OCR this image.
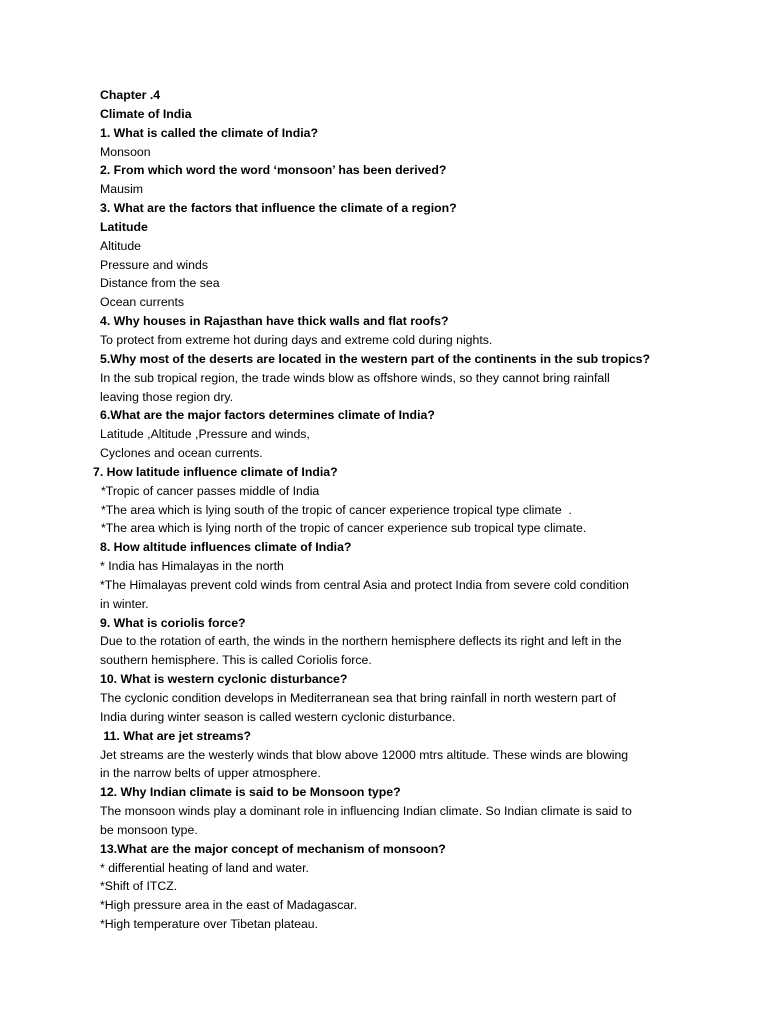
Chapter .4
Climate of India
1. What is called the climate of India?
Monsoon
2. From which word the word ‘monsoon’ has been derived?
Mausim
3. What are the factors that influence the climate of a region?
Latitude
Altitude
Pressure and winds
Distance from the sea
Ocean currents
4. Why houses in Rajasthan have thick walls and flat roofs?
To protect from extreme hot during days and extreme cold during nights.
5.Why most of the deserts are located in the western part of the continents in the sub tropics?
In the sub tropical region, the trade winds blow as offshore winds, so they cannot bring rainfall
leaving those region dry.
6.What are the major factors determines climate of India?
Latitude ,Altitude ,Pressure and winds,
Cyclones and ocean currents.
7. How latitude influence climate of India?
*Tropic of cancer passes middle of India
*The area which is lying south of the tropic of cancer experience tropical type climate  .
*The area which is lying north of the tropic of cancer experience sub tropical type climate.
8. How altitude influences climate of India?
* India has Himalayas in the north
*The Himalayas prevent cold winds from central Asia and protect India from severe cold condition
in winter.
9. What is coriolis force?
Due to the rotation of earth, the winds in the northern hemisphere deflects its right and left in the
southern hemisphere. This is called Coriolis force.
10. What is western cyclonic disturbance?
The cyclonic condition develops in Mediterranean sea that bring rainfall in north western part of
India during winter season is called western cyclonic disturbance.
11. What are jet streams?
Jet streams are the westerly winds that blow above 12000 mtrs altitude. These winds are blowing
in the narrow belts of upper atmosphere.
12. Why Indian climate is said to be Monsoon type?
The monsoon winds play a dominant role in influencing Indian climate. So Indian climate is said to
be monsoon type.
13.What are the major concept of mechanism of monsoon?
* differential heating of land and water.
*Shift of ITCZ.
*High pressure area in the east of Madagascar.
*High temperature over Tibetan plateau.
